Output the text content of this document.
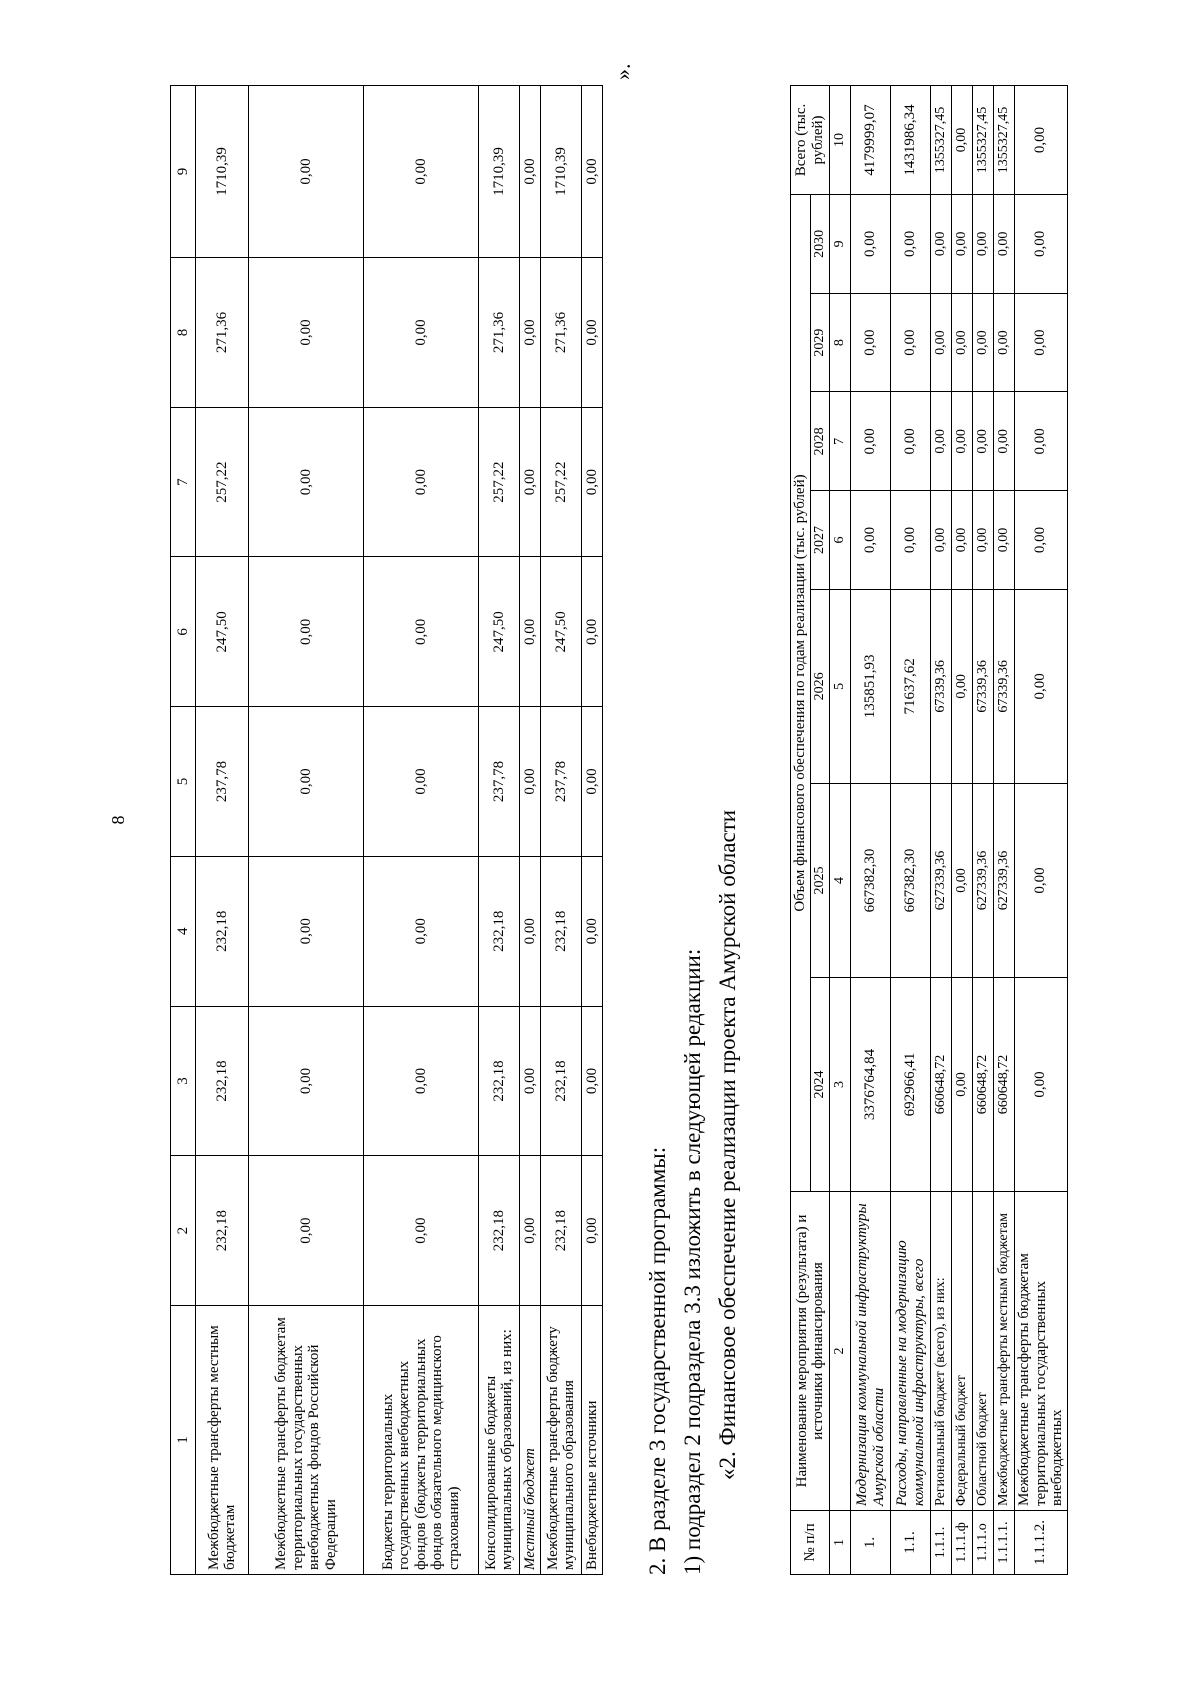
8
1	2	3	4	5	6	7	8	9
Межбюджетные трансферты местным бюджетам	232,18	232,18	232,18	237,78	247,50	257,22	271,36	1710,39
Межбюджетные трансферты бюджетам территориальных государственных внебюджетных фондов Российской Федерации	0,00	0,00	0,00	0,00	0,00	0,00	0,00	0,00
Бюджеты территориальных государственных внебюджетных фондов (бюджеты территориальных фондов обязательного медицинского страхования)	0,00	0,00	0,00	0,00	0,00	0,00	0,00	0,00
Консолидированные бюджеты муниципальных образований, из них:	232,18	232,18	232,18	237,78	247,50	257,22	271,36	1710,39
Местный бюджет	0,00	0,00	0,00	0,00	0,00	0,00	0,00	0,00
Межбюджетные трансферты бюджету муниципального образования	232,18	232,18	232,18	237,78	247,50	257,22	271,36	1710,39
Внебюджетные источники	0,00	0,00	0,00	0,00	0,00	0,00	0,00	0,00
».
2. В разделе 3 государственной программы: 1) подраздел 2 подраздела 3.3 изложить в следующей редакции: «2. Финансовое обеспечение реализации проекта Амурской области
№ п/п	Наименование мероприятия (результата) и источники финансирования	Объем финансового обеспечения по годам реализации (тыс. рублей)							Всего (тыс. рублей)
		2024	2025	2026	2027	2028	2029	2030	
1	2	3	4	5	6	7	8	9	10
1.	Модернизация коммунальной инфраструктуры Амурской области	3376764,84	667382,30	135851,93	0,00	0,00	0,00	0,00	4179999,07
1.1.	Расходы, направленные на модернизацию коммунальной инфраструктуры, всего	692966,41	667382,30	71637,62	0,00	0,00	0,00	0,00	1431986,34
1.1.1.	Региональный бюджет (всего), из них:	660648,72	627339,36	67339,36	0,00	0,00	0,00	0,00	1355327,45
1.1.1.ф	Федеральный бюджет	0,00	0,00	0,00	0,00	0,00	0,00	0,00	0,00
1.1.1.о	Областной бюджет	660648,72	627339,36	67339,36	0,00	0,00	0,00	0,00	1355327,45
1.1.1.1.	Межбюджетные трансферты местным бюджетам	660648,72	627339,36	67339,36	0,00	0,00	0,00	0,00	1355327,45
1.1.1.2.	Межбюджетные трансферты бюджетам территориальных государственных внебюджетных	0,00	0,00	0,00	0,00	0,00	0,00	0,00	0,00
